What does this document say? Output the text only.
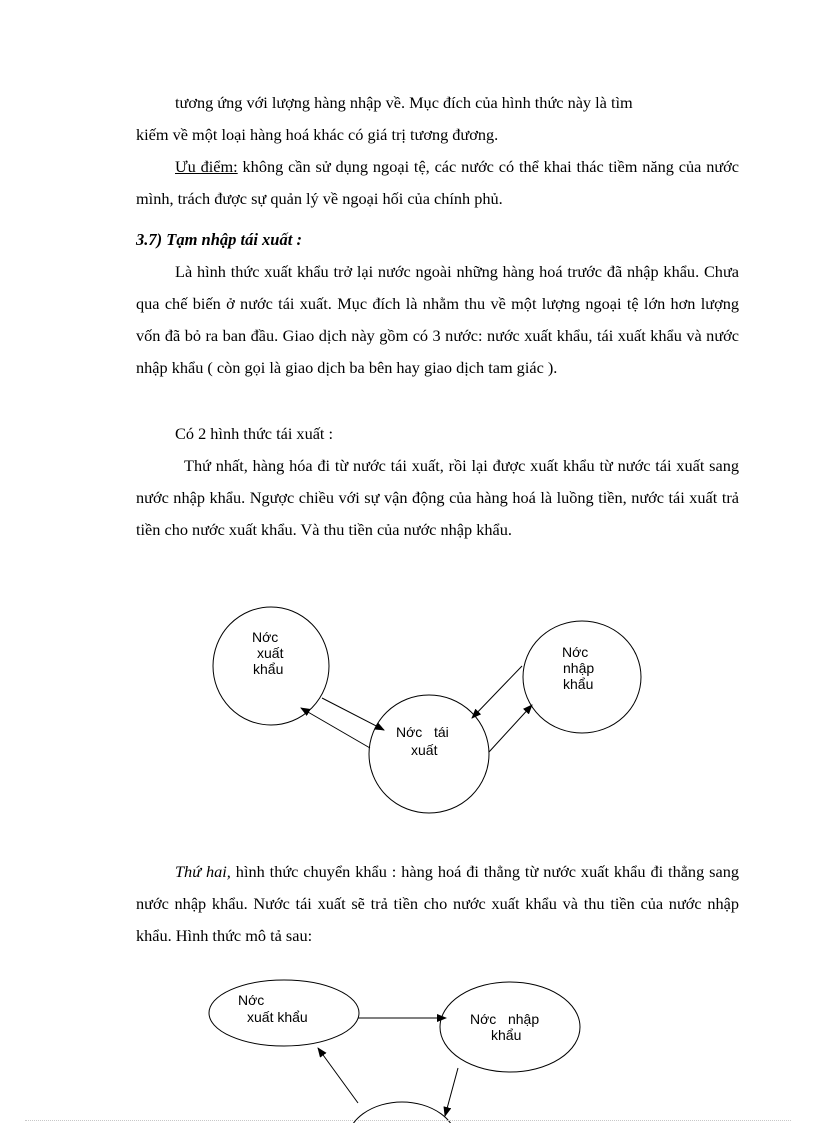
tương ứng với lượng hàng nhập về. Mục đích của hình thức này là tìm
kiếm về một loại hàng hoá khác có giá trị tương đương.

Ưu điểm: không cần sử dụng ngoại tệ, các nước có thể khai thác tiềm năng của nước mình, trách được sự quản lý về ngoại hối của chính phủ.

3.7) Tạm nhập tái xuất :

Là hình thức xuất khẩu trở lại nước ngoài những hàng hoá trước đã nhập khẩu. Chưa qua chế biến ở nước tái xuất. Mục đích là nhằm thu về một lượng ngoại tệ lớn hơn lượng vốn đã bỏ ra ban đầu. Giao dịch này gồm có 3 nước: nước xuất khẩu, tái xuất khẩu và nước nhập khẩu ( còn gọi là giao dịch ba bên hay giao dịch tam giác ).

Có 2 hình thức tái xuất :

Thứ nhất, hàng hóa đi từ nước tái xuất, rồi lại được xuất khẩu từ nước tái xuất sang nước nhập khẩu. Ngược chiều với sự vận động của hàng hoá là luồng tiền, nước tái xuất trả tiền cho nước xuất khẩu. Và thu tiền của nước nhập khẩu.

Nớc
xuất
khẩu
Nớc
nhập
khẩu
Nớc   tái
xuất

Thứ hai, hình thức chuyển khẩu : hàng hoá đi thẳng từ nước xuất khẩu đi thẳng sang nước nhập khẩu. Nước tái xuất sẽ trả tiền cho nước xuất khẩu và thu tiền của nước nhập khẩu. Hình thức mô tả sau:

Nớc
xuất khẩu	Nớc   nhập
khẩu
